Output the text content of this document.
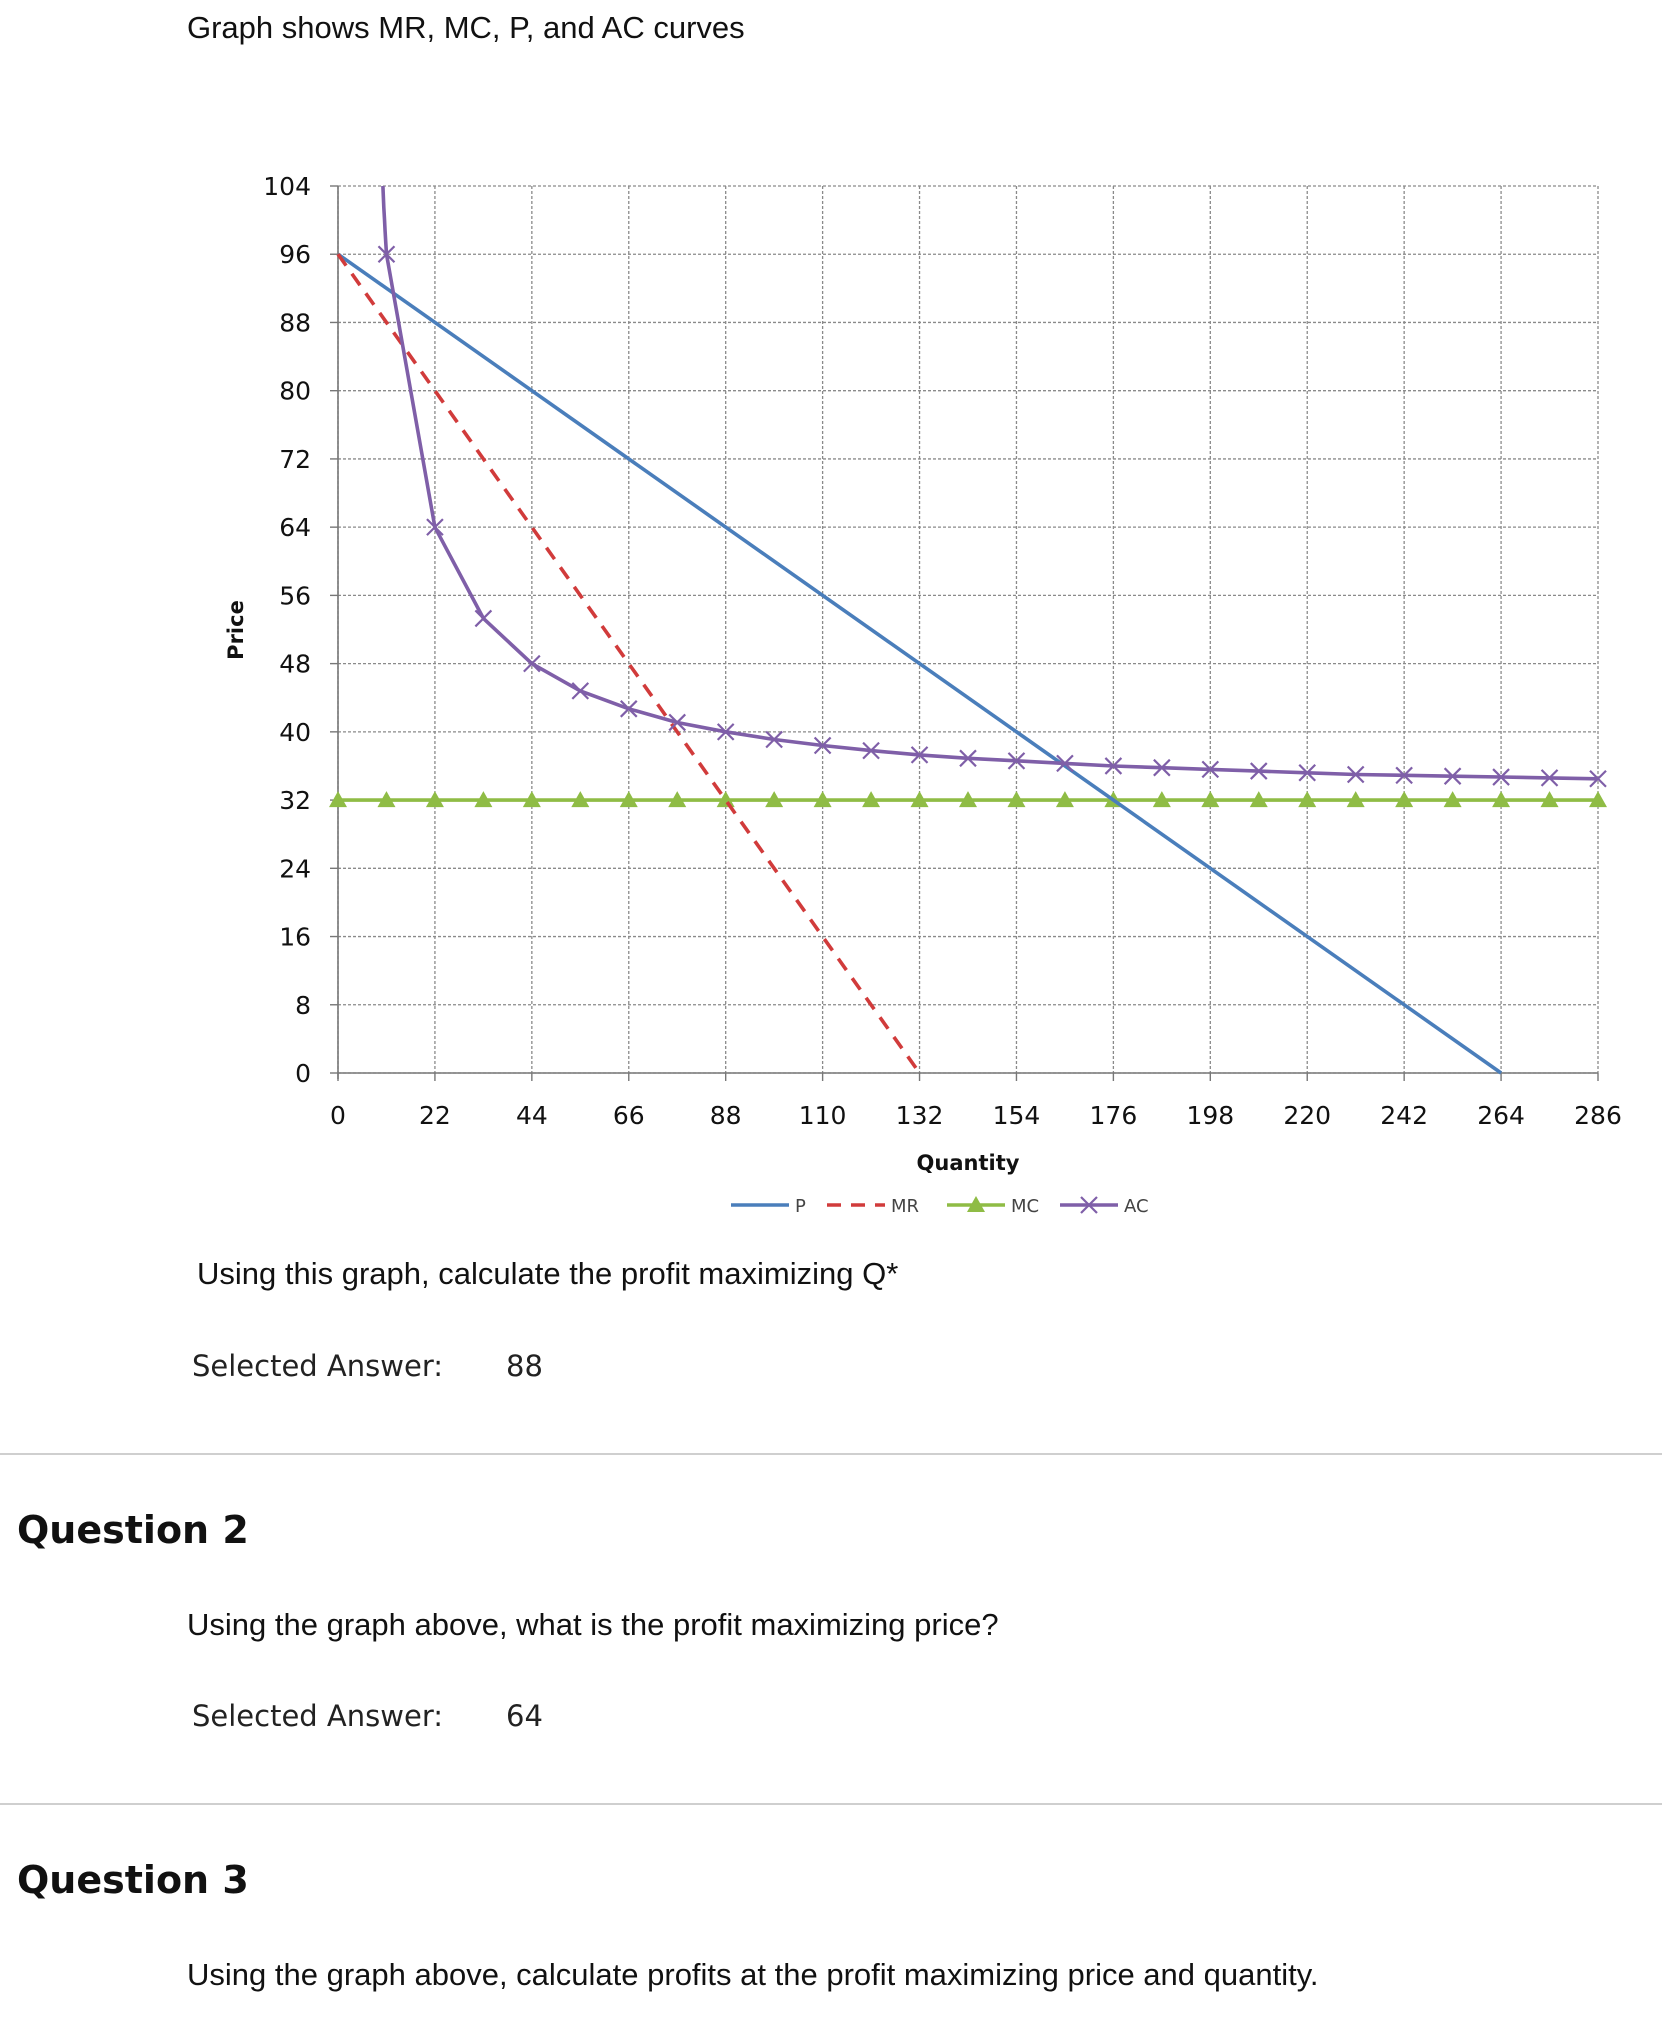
Graph shows MR, MC, P, and AC curves
0
8
16
24
32
40
48
56
64
72
80
88
96
104
0	22	44	66	88 110 132 154 176 198 220 242 264 286
Quantity
Price
P	MR	MC	AC
Using this graph, calculate the profit maximizing Q*
Selected Answer: 88
Question 2
Using the graph above, what is the profit maximizing price?
Selected Answer: 64
Question 3
Using the graph above, calculate profits at the profit maximizing price and quantity.
